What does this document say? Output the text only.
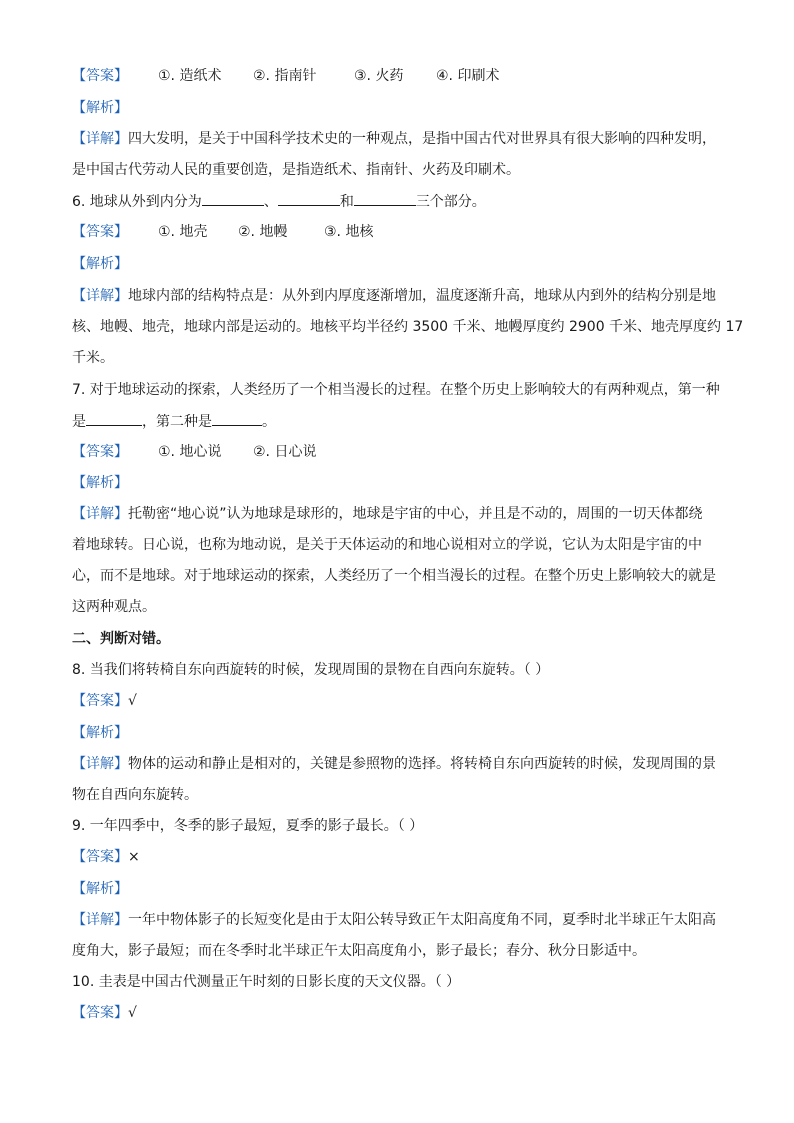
【答案】 ①. 造纸术 ②. 指南针	③. 火药 ④. 印刷术
【解析】
【详解】四大发明，是关于中国科学技术史的一种观点，是指中国古代对世界具有很大影响的四种发明，
是中国古代劳动人民的重要创造，是指造纸术、指南针、火药及印刷术。
6. 地球从外到内分为	、	和	三个部分。
【答案】 ①. 地壳 ②. 地幔	③. 地核
【解析】
【详解】地球内部的结构特点是：从外到内厚度逐渐增加，温度逐渐升高，地球从内到外的结构分别是地
核、地幔、地壳，地球内部是运动的。地核平均半径约 3500 千米、地幔厚度约 2900 千米、地壳厚度约 17
千米。
7. 对于地球运动的探索，人类经历了一个相当漫长的过程。在整个历史上影响较大的有两种观点，第一种
是	，第二种是	。
【答案】 ①. 地心说 ②. 日心说
【解析】
【详解】托勒密“地心说”认为地球是球形的，地球是宇宙的中心，并且是不动的，周围的一切天体都绕
着地球转。日心说，也称为地动说，是关于天体运动的和地心说相对立的学说，它认为太阳是宇宙的中
心，而不是地球。对于地球运动的探索，人类经历了一个相当漫长的过程。在整个历史上影响较大的就是
这两种观点。
二、判断对错。
8. 当我们将转椅自东向西旋转的时候，发现周围的景物在自西向东旋转。（ ）
【答案】√
【解析】
【详解】物体的运动和静止是相对的，关键是参照物的选择。将转椅自东向西旋转的时候，发现周围的景
物在自西向东旋转。
9. 一年四季中，冬季的影子最短，夏季的影子最长。（ ）
【答案】×
【解析】
【详解】一年中物体影子的长短变化是由于太阳公转导致正午太阳高度角不同，夏季时北半球正午太阳高
度角大，影子最短；而在冬季时北半球正午太阳高度角小，影子最长；春分、秋分日影适中。
10. 圭表是中国古代测量正午时刻的日影长度的天文仪器。（ ）
【答案】√
